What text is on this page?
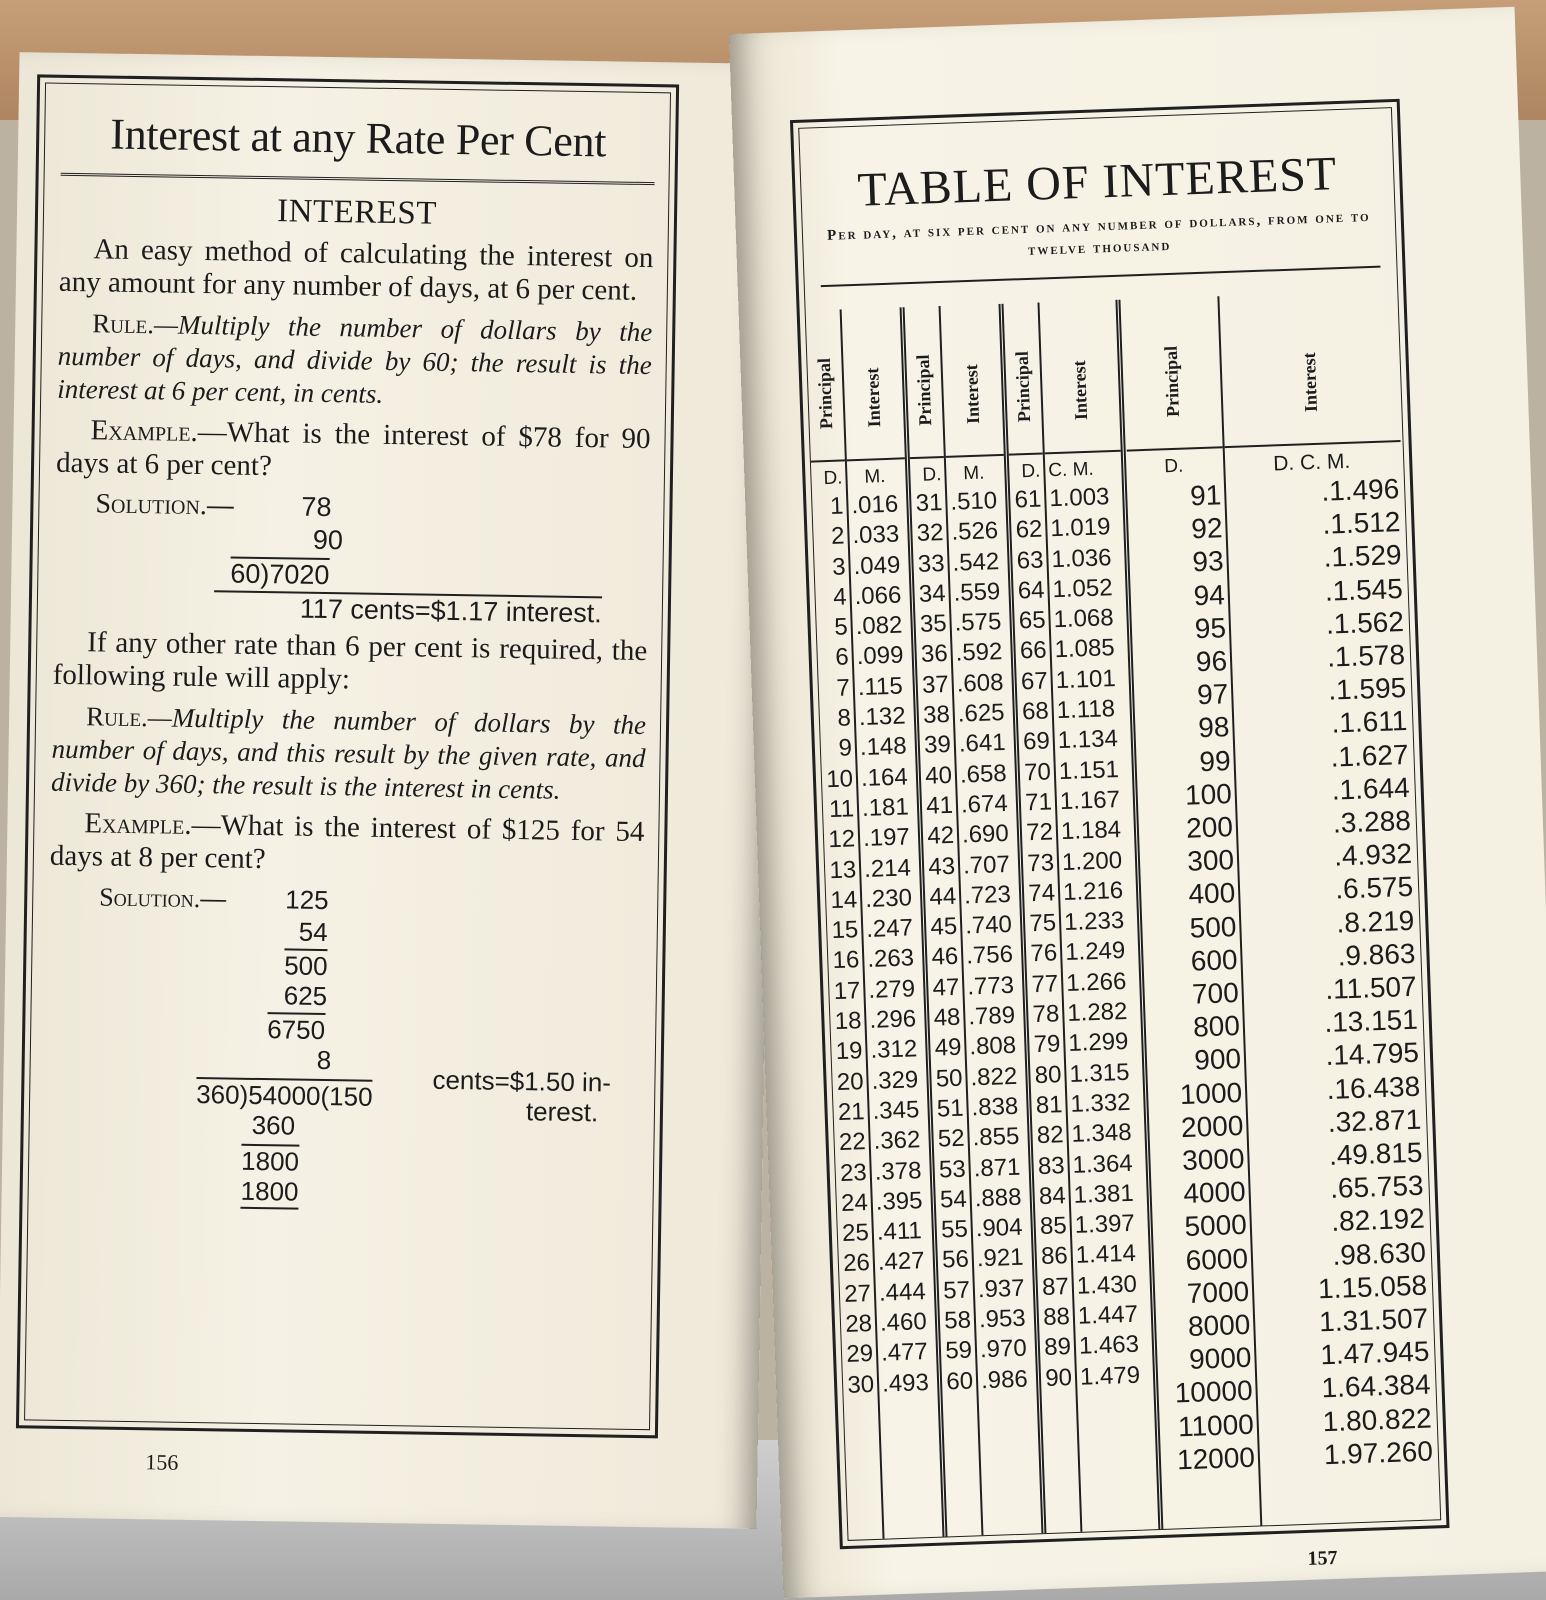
Interest at any Rate Per Cent
INTEREST

An easy method of calculating the interest on any amount for any number of days, at 6 per cent.

Rule.—Multiply the number of dollars by the number of days, and divide by 60; the result is the interest at 6 per cent, in cents.

Example.—What is the interest of $78 for 90 days at 6 per cent?

Solution.— 78
90
60)7020
117 cents=$1.17 interest.

If any other rate than 6 per cent is required, the following rule will apply:

Rule.—Multiply the number of dollars by the number of days, and this result by the given rate, and divide by 360; the result is the interest in cents.

Example.—What is the interest of $125 for 54 days at 8 per cent?

Solution.— 125
54
500
625
6750
8
360)54000(150 cents=$1.50 in-
terest.
360
1800
1800
156
TABLE OF INTEREST
Per day, at six per cent on any number of dollars, from one to twelve thousand
Principal
D.
1
2
3
4
5
6
7
8
9
10
11
12
13
14
15
16
17
18
19
20
21
22
23
24
25
26
27
28
29
30
Interest
M.
.016
.033
.049
.066
.082
.099
.115
.132
.148
.164
.181
.197
.214
.230
.247
.263
.279
.296
.312
.329
.345
.362
.378
.395
.411
.427
.444
.460
.477
.493
Principal
D.
31
32
33
34
35
36
37
38
39
40
41
42
43
44
45
46
47
48
49
50
51
52
53
54
55
56
57
58
59
60
Interest
M.
.510
.526
.542
.559
.575
.592
.608
.625
.641
.658
.674
.690
.707
.723
.740
.756
.773
.789
.808
.822
.838
.855
.871
.888
.904
.921
.937
.953
.970
.986
Principal
D.
61
62
63
64
65
66
67
68
69
70
71
72
73
74
75
76
77
78
79
80
81
82
83
84
85
86
87
88
89
90
Interest
C. M.
1.003
1.019
1.036
1.052
1.068
1.085
1.101
1.118
1.134
1.151
1.167
1.184
1.200
1.216
1.233
1.249
1.266
1.282
1.299
1.315
1.332
1.348
1.364
1.381
1.397
1.414
1.430
1.447
1.463
1.479
Principal
D.
91
92
93
94
95
96
97
98
99
100
200
300
400
500
600
700
800
900
1000
2000
3000
4000
5000
6000
7000
8000
9000
10000
11000
12000
Interest
D. C. M.
.1.496
.1.512
.1.529
.1.545
.1.562
.1.578
.1.595
.1.611
.1.627
.1.644
.3.288
.4.932
.6.575
.8.219
.9.863
.11.507
.13.151
.14.795
.16.438
.32.871
.49.815
.65.753
.82.192
.98.630
1.15.058
1.31.507
1.47.945
1.64.384
1.80.822
1.97.260
157
